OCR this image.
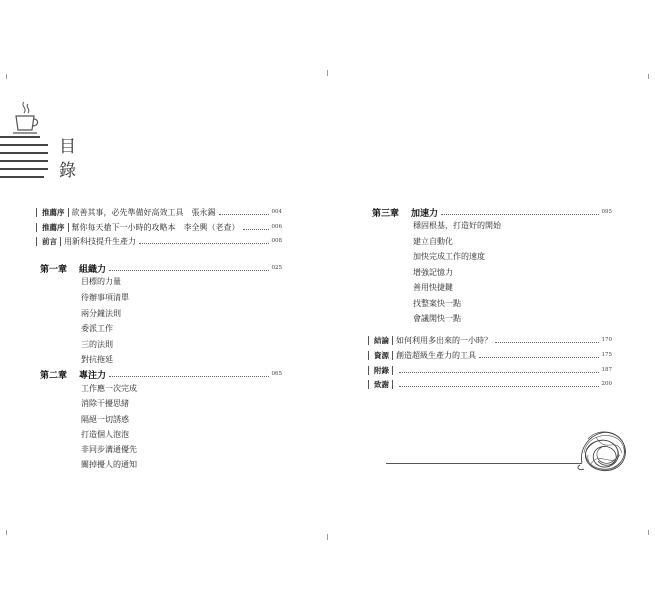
目
錄
推薦序 欲善其事，必先準備好高效工具　張永錫	004
推薦序 幫你每天搶下一小時的攻略本　李全興（老查）	006
前言 用新科技提升生產力	008
第一章 組織力	025
目標的力量
待辦事項清單
兩分鐘法則
委派工作
三的法則
對抗拖延
第二章 專注力	065
工作應一次完成
消除干擾思緒
隔絕一切誘惑
打造個人泡泡
非同步溝通優先
關掉擾人的通知
第三章 加速力	095
穩固根基，打造好的開始
建立自動化
加快完成工作的速度
增強記憶力
善用快捷鍵
找整案快一點
會議開快一點
結論 如何利用多出來的一小時？	170
資源 創造超級生產力的工具	175
附錄	187
致謝	200
